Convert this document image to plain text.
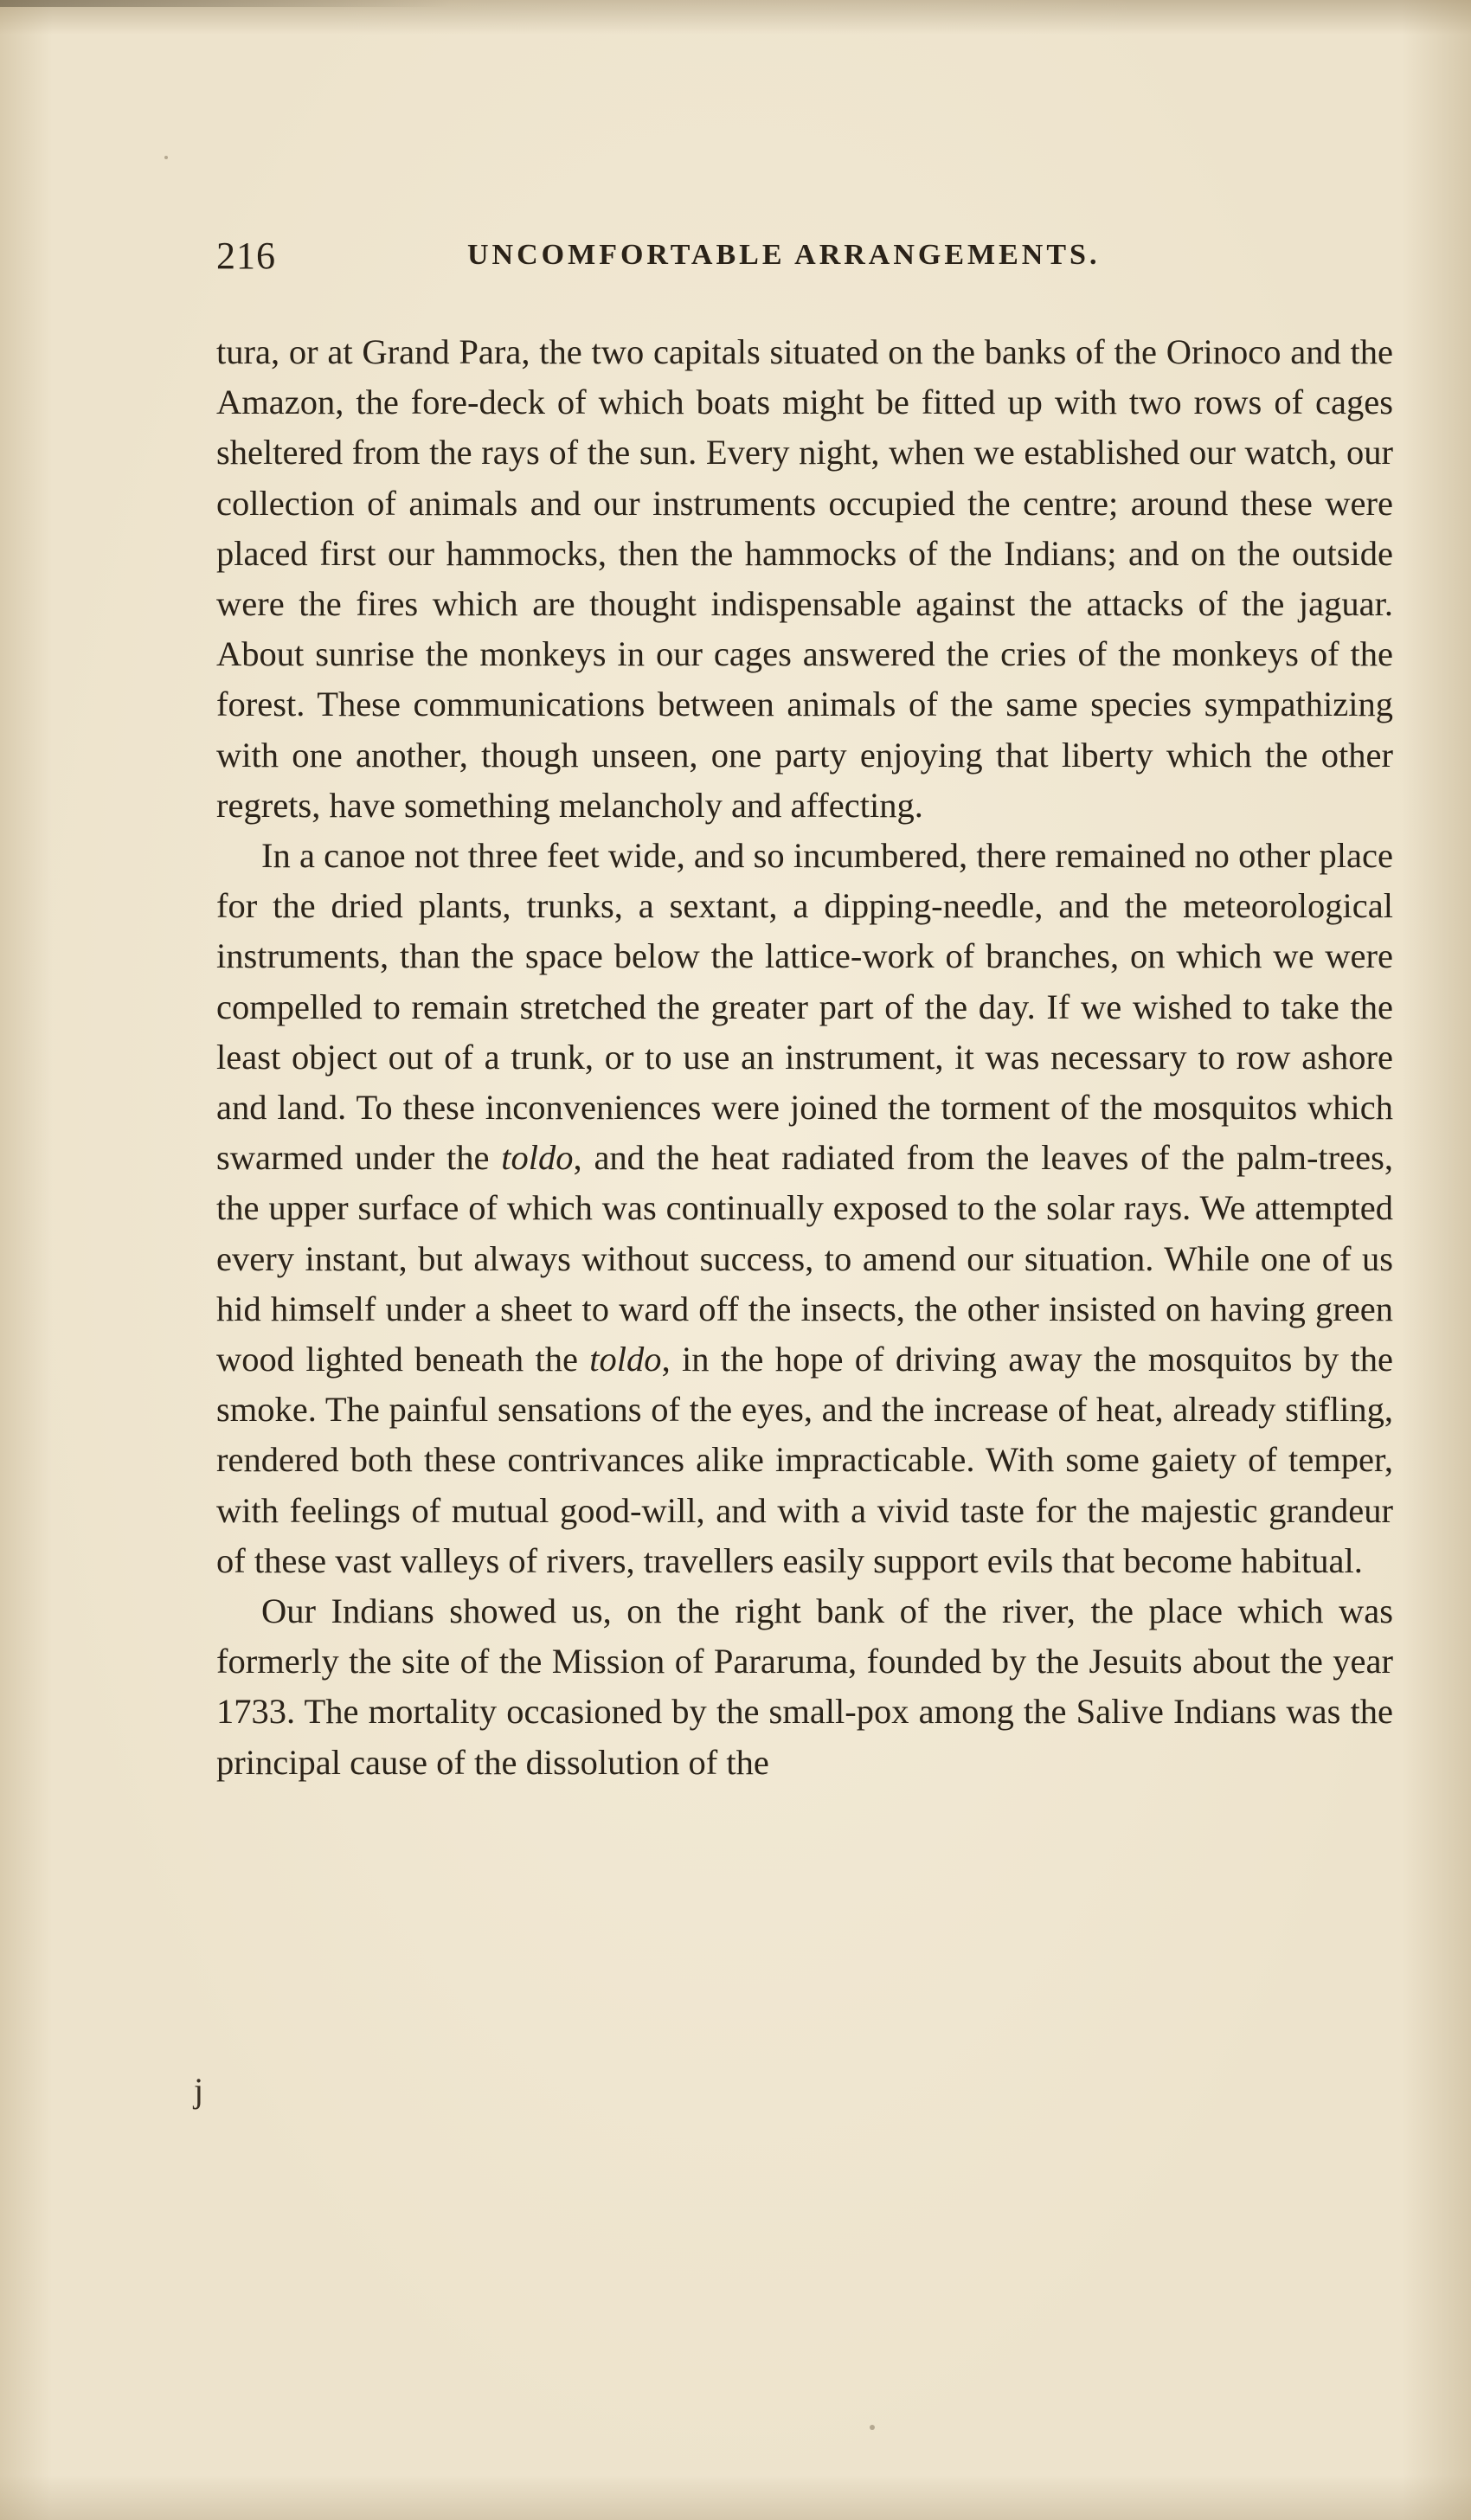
216	UNCOMFORTABLE ARRANGEMENTS.

tura, or at Grand Para, the two capitals situated on the banks of the Orinoco and the Amazon, the fore-deck of which boats might be fitted up with two rows of cages sheltered from the rays of the sun. Every night, when we established our watch, our collection of animals and our instruments occupied the centre; around these were placed first our hammocks, then the hammocks of the Indians; and on the outside were the fires which are thought indispensable against the attacks of the jaguar. About sunrise the monkeys in our cages answered the cries of the monkeys of the forest. These communications between animals of the same species sympathizing with one another, though unseen, one party enjoying that liberty which the other regrets, have something melancholy and affecting.

In a canoe not three feet wide, and so incumbered, there remained no other place for the dried plants, trunks, a sextant, a dipping-needle, and the meteorological instruments, than the space below the lattice-work of branches, on which we were compelled to remain stretched the greater part of the day. If we wished to take the least object out of a trunk, or to use an instrument, it was necessary to row ashore and land. To these inconveniences were joined the torment of the mosquitos which swarmed under the toldo, and the heat radiated from the leaves of the palm-trees, the upper surface of which was continually exposed to the solar rays. We attempted every instant, but always without success, to amend our situation. While one of us hid himself under a sheet to ward off the insects, the other insisted on having green wood lighted beneath the toldo, in the hope of driving away the mosquitos by the smoke. The painful sensations of the eyes, and the increase of heat, already stifling, rendered both these contrivances alike impracticable. With some gaiety of temper, with feelings of mutual good-will, and with a vivid taste for the majestic grandeur of these vast valleys of rivers, travellers easily support evils that become habitual.

Our Indians showed us, on the right bank of the river, the place which was formerly the site of the Mission of Pararuma, founded by the Jesuits about the year 1733. The mortality occasioned by the small-pox among the Salive Indians was the principal cause of the dissolution of the

j
